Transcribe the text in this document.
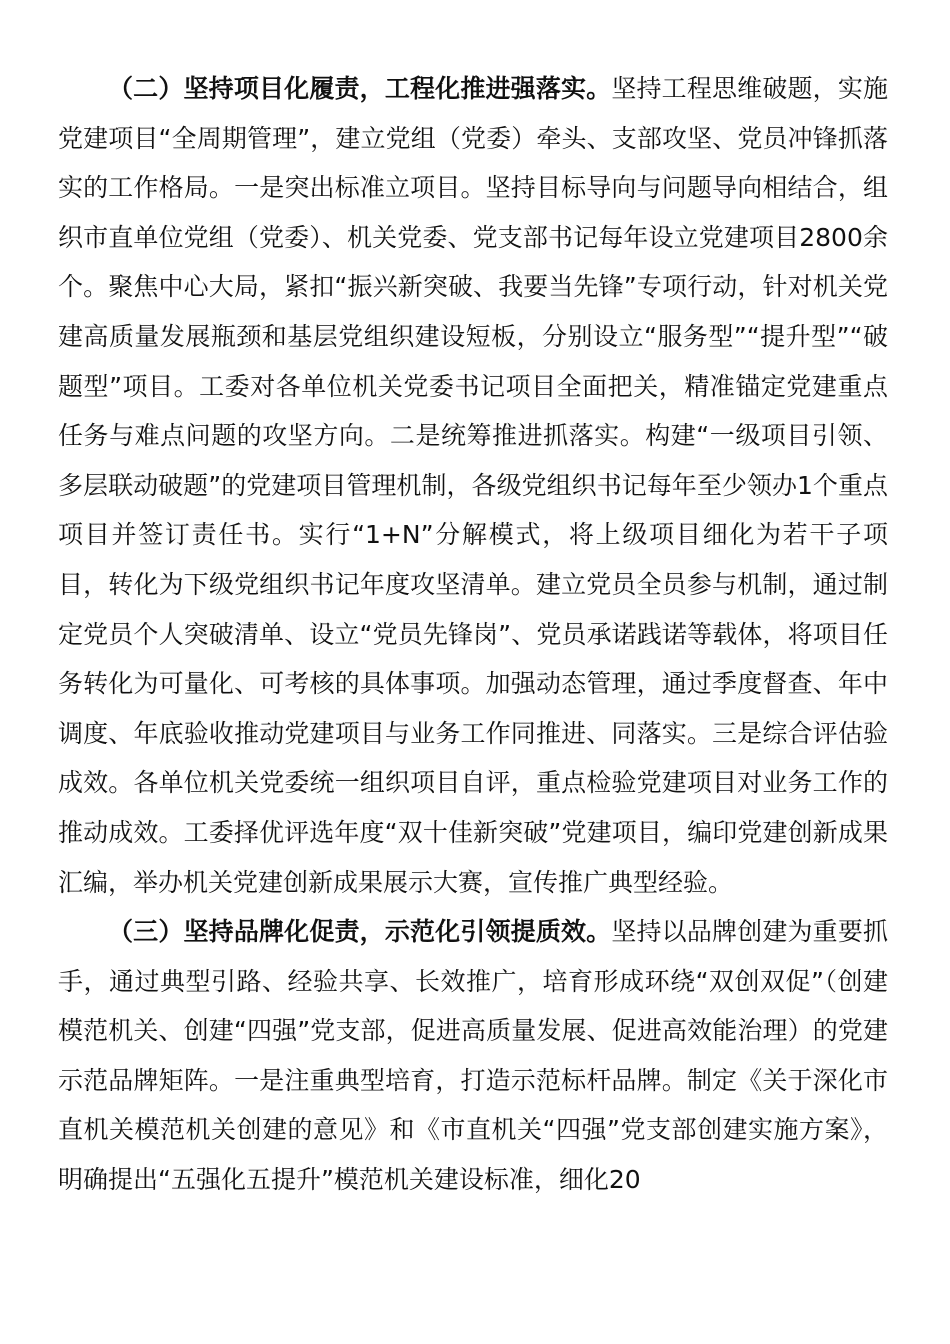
（二）坚持项目化履责，工程化推进强落实。坚持工程思维破题，实施党建项目“全周期管理”，建立党组（党委）牵头、支部攻坚、党员冲锋抓落实的工作格局。一是突出标准立项目。坚持目标导向与问题导向相结合，组织市直单位党组（党委）、机关党委、党支部书记每年设立党建项目2800余个。聚焦中心大局，紧扣“振兴新突破、我要当先锋”专项行动，针对机关党建高质量发展瓶颈和基层党组织建设短板，分别设立“服务型”“提升型”“破题型”项目。工委对各单位机关党委书记项目全面把关，精准锚定党建重点任务与难点问题的攻坚方向。二是统筹推进抓落实。构建“一级项目引领、多层联动破题”的党建项目管理机制，各级党组织书记每年至少领办1个重点项目并签订责任书。实行“1+N”分解模式，将上级项目细化为若干子项目，转化为下级党组织书记年度攻坚清单。建立党员全员参与机制，通过制定党员个人突破清单、设立“党员先锋岗”、党员承诺践诺等载体，将项目任务转化为可量化、可考核的具体事项。加强动态管理，通过季度督查、年中调度、年底验收推动党建项目与业务工作同推进、同落实。三是综合评估验成效。各单位机关党委统一组织项目自评，重点检验党建项目对业务工作的推动成效。工委择优评选年度“双十佳新突破”党建项目，编印党建创新成果汇编，举办机关党建创新成果展示大赛，宣传推广典型经验。

（三）坚持品牌化促责，示范化引领提质效。坚持以品牌创建为重要抓手，通过典型引路、经验共享、长效推广，培育形成环绕“双创双促”（创建模范机关、创建“四强”党支部，促进高质量发展、促进高效能治理）的党建示范品牌矩阵。一是注重典型培育，打造示范标杆品牌。制定《关于深化市直机关模范机关创建的意见》和《市直机关“四强”党支部创建实施方案》，明确提出“五强化五提升”模范机关建设标准，细化20
